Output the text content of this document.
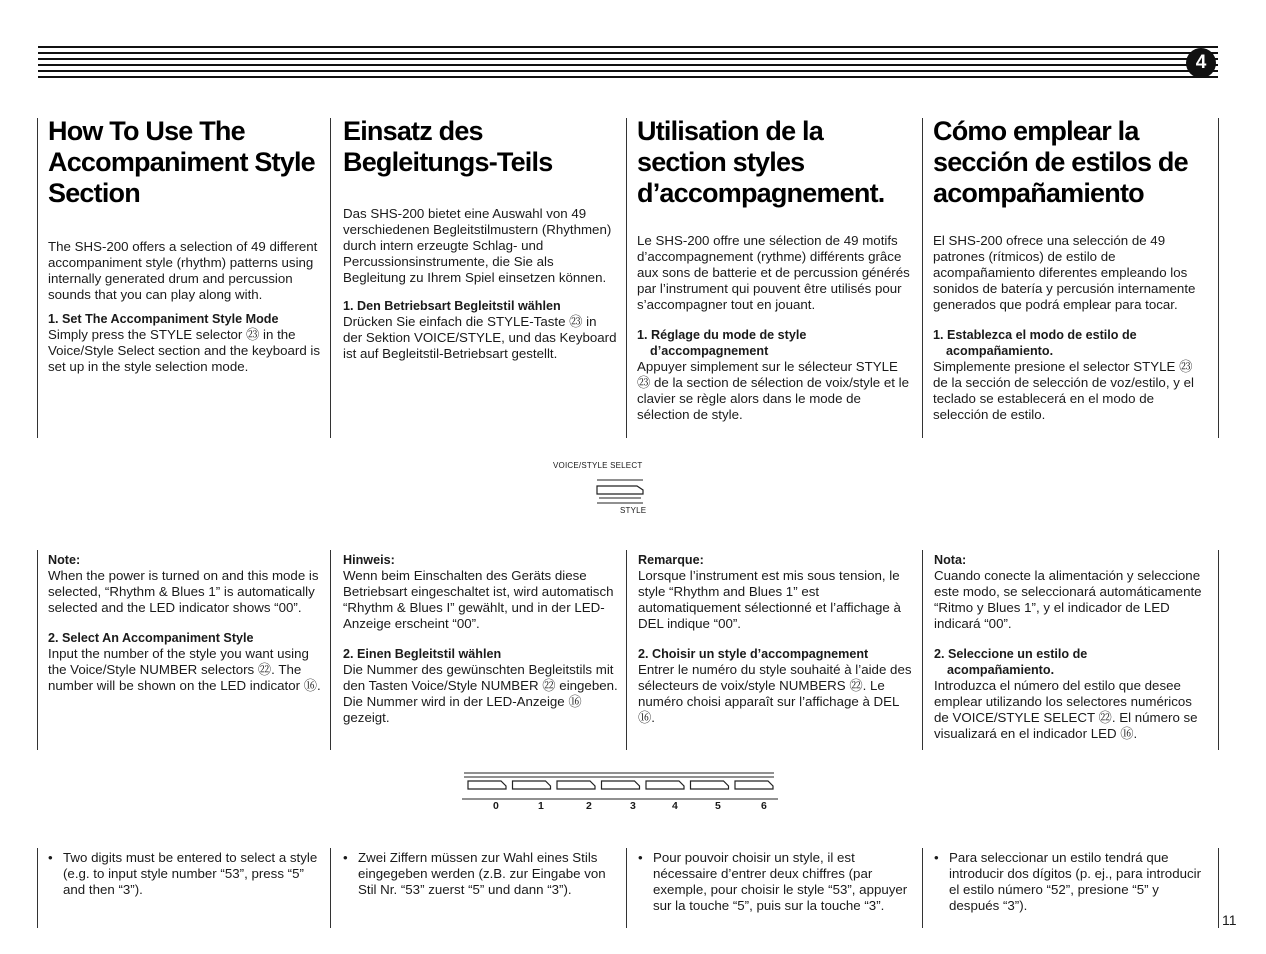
4
How To Use The
Accompaniment Style
Section

The SHS-200 offers a selection of 49 different accompaniment style (rhythm) patterns using internally generated drum and percussion sounds that you can play along with.

1. Set The Accompaniment Style Mode

Simply press the STYLE selector ㉓ in the Voice/Style Select section and the keyboard is set up in the style selection mode.

Einsatz des
Begleitungs-Teils

Das SHS-200 bietet eine Auswahl von 49 verschiedenen Begleitstilmustern (Rhythmen) durch intern erzeugte Schlag- und Percussionsinstrumente, die Sie als Begleitung zu Ihrem Spiel einsetzen können.

1. Den Betriebsart Begleitstil wählen

Drücken Sie einfach die STYLE-Taste ㉓ in der Sektion VOICE/STYLE, und das Keyboard ist auf Begleitstil-Betriebsart gestellt.

Utilisation de la
section styles
d’accompagnement.

Le SHS-200 offre une sélection de 49 motifs d’accompagnement (rythme) différents grâce aux sons de batterie et de percussion générés par l’instrument qui pouvent être utilisés pour s’accompagner tout en jouant.

1. Réglage du mode de style

d’accompagnement

Appuyer simplement sur le sélecteur STYLE ㉓ de la section de sélection de voix/style et le clavier se règle alors dans le mode de sélection de style.

Cómo emplear la
sección de estilos de
acompañamiento

El SHS-200 ofrece una selección de 49 patrones (rítmicos) de estilo de acompañamiento diferentes empleando los sonidos de batería y percusión internamente generados que podrá emplear para tocar.

1. Establezca el modo de estilo de

acompañamiento.

Simplemente presione el selector STYLE ㉓ de la sección de selección de voz/estilo, y el teclado se establecerá en el modo de selección de estilo.

VOICE/STYLE SELECT
STYLE

Note:

When the power is turned on and this mode is selected, “Rhythm & Blues 1” is automatically selected and the LED indicator shows “00”.

2. Select An Accompaniment Style

Input the number of the style you want using the Voice/Style NUMBER selectors ㉒. The number will be shown on the LED indicator ⑯.

Hinweis:

Wenn beim Einschalten des Geräts diese Betriebsart eingeschaltet ist, wird automatisch “Rhythm & Blues I” gewählt, und in der LED-Anzeige erscheint “00”.

2. Einen Begleitstil wählen

Die Nummer des gewünschten Begleitstils mit den Tasten Voice/Style NUMBER ㉒ eingeben. Die Nummer wird in der LED-Anzeige ⑯ gezeigt.

Remarque:

Lorsque l’instrument est mis sous tension, le style “Rhythm and Blues 1” est automatiquement sélectionné et l’affichage à DEL indique “00”.

2. Choisir un style d’accompagnement

Entrer le numéro du style souhaité à l’aide des sélecteurs de voix/style NUMBERS ㉒. Le numéro choisi apparaît sur l’affichage à DEL ⑯.

Nota:

Cuando conecte la alimentación y seleccione este modo, se seleccionará automáticamente “Ritmo y Blues 1”, y el indicador de LED indicará “00”.

2. Seleccione un estilo de

acompañamiento.

Introduzca el número del estilo que desee emplear utilizando los selectores numéricos de VOICE/STYLE SELECT ㉒. El número se visualizará en el indicador LED ⑯.

0	1	2	3	4	5	6
• Two digits must be entered to select a style (e.g. to input style number “53”, press “5” and then “3”).
• Zwei Ziffern müssen zur Wahl eines Stils eingegeben werden (z.B. zur Eingabe von Stil Nr. “53” zuerst “5” und dann “3”).
• Pour pouvoir choisir un style, il est nécessaire d’entrer deux chiffres (par exemple, pour choisir le style “53”, appuyer sur la touche “5”, puis sur la touche “3”.
• Para seleccionar un estilo tendrá que introducir dos dígitos (p. ej., para introducir el estilo número “52”, presione “5” y después “3”).
11
